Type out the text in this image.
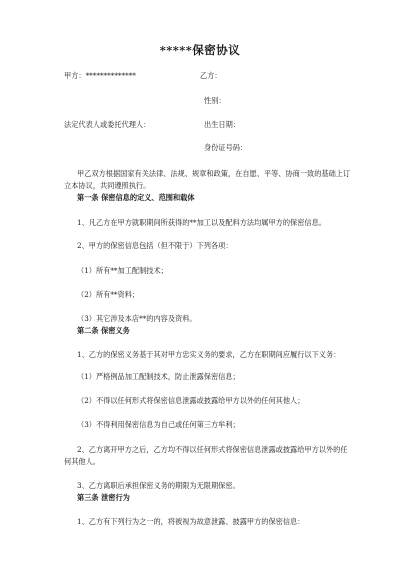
*****保密协议
甲方：**************	乙方：
性别：
法定代表人或委托代理人：	出生日期：
身份证号码：
甲乙双方根据国家有关法律、法规、规章和政策，在自愿、平等、协商一致的基础上订
立本协议，共同遵照执行。
第一条 保密信息的定义、范围和载体
1、凡乙方在甲方就职期间所获得的**加工以及配料方法均属甲方的保密信息。
2、甲方的保密信息包括（但不限于）下列各项：
（1）所有**加工配制技术；
（2）所有**资料；
（3）其它涉及本店**的内容及资料。
第二条 保密义务
1、乙方的保密义务基于其对甲方忠实义务的要求，乙方在职期间应履行以下义务：
（1）严格例品加工配制技术，防止泄露保密信息；
（2）不得以任何形式将保密信息泄露或披露给甲方以外的任何其他人；
（3）不得利用保密信息为自己或任何第三方牟利；
2、乙方离开甲方之后，乙方均不得以任何形式将保密信息泄露或披露给甲方以外的任
何其他人。
3、乙方离职后承担保密义务的期限为无限期保密。
第三条 泄密行为
1、乙方有下列行为之一的，将被视为故意泄露、披露甲方的保密信息：
